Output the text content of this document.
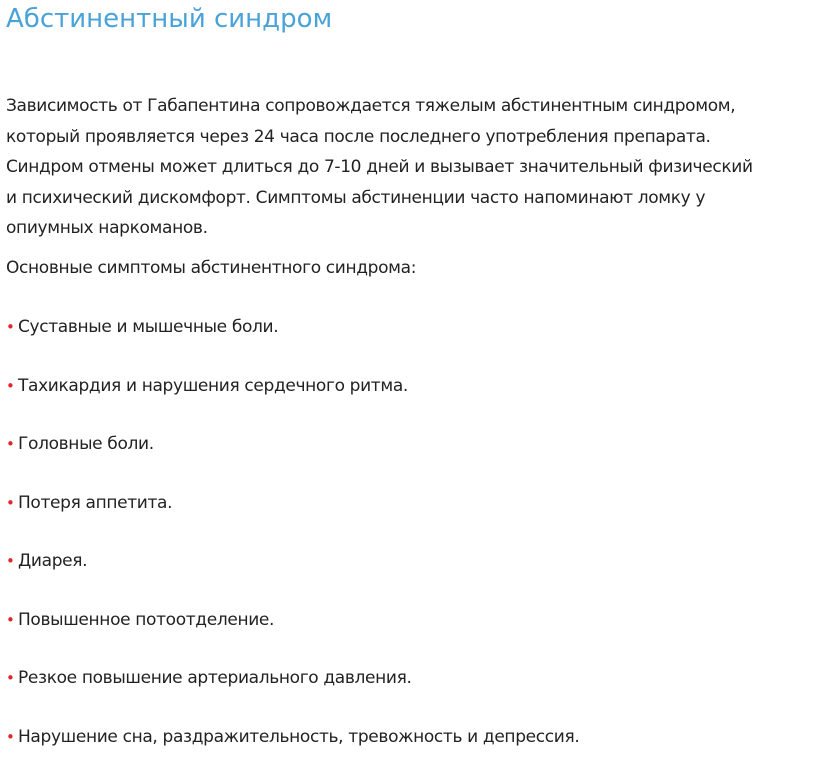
Абстинентный синдром

Зависимость от Габапентина сопровождается тяжелым абстинентным синдромом,
который проявляется через 24 часа после последнего употребления препарата.
Синдром отмены может длиться до 7-10 дней и вызывает значительный физический
и психический дискомфорт. Симптомы абстиненции часто напоминают ломку у
опиумных наркоманов.

Основные симптомы абстинентного синдрома:
• Суставные и мышечные боли.
• Тахикардия и нарушения сердечного ритма.
• Головные боли.
• Потеря аппетита.
• Диарея.
• Повышенное потоотделение.
• Резкое повышение артериального давления.
• Нарушение сна, раздражительность, тревожность и депрессия.
